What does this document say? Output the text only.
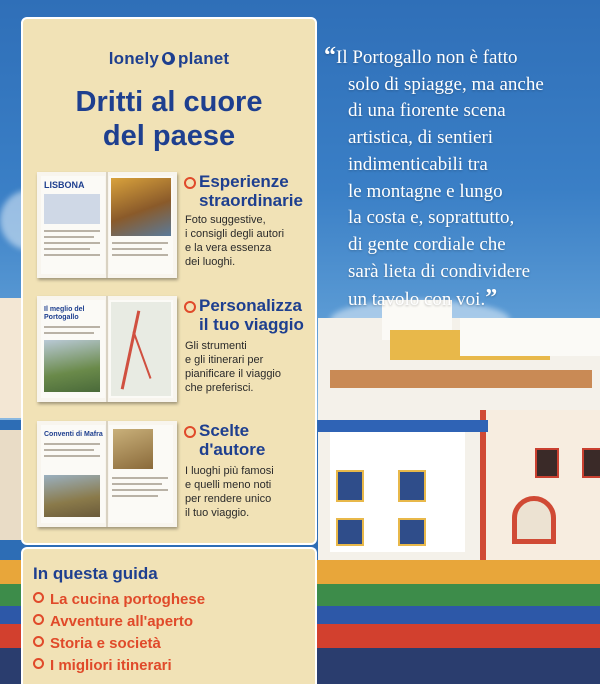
lonely planet
Dritti al cuore
del paese
LISBONA	Esperienze
straordinarie
Foto suggestive,
i consigli degli autori
e la vera essenza
dei luoghi.
Il meglio del Portogallo
Personalizza
il tuo viaggio
Gli strumenti
e gli itinerari per
pianificare il viaggio
che preferisci.
Conventi di Mafra	Scelte
d'autore
I luoghi più famosi
e quelli meno noti
per rendere unico
il tuo viaggio.
In questa guida
La cucina portoghese
Avventure all'aperto
Storia e società
I migliori itinerari
“Il Portogallo non è fatto
solo di spiagge, ma anche
di una fiorente scena
artistica, di sentieri
indimenticabili tra
le montagne e lungo
la costa e, soprattutto,
di gente cordiale che
sarà lieta di condividere
un tavolo con voi.”
